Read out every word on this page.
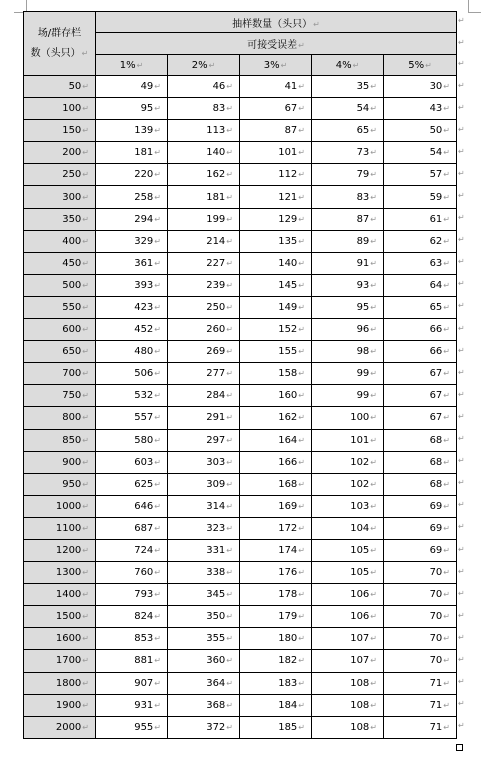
场/群存栏
数（头只）↵	抽样数量（头只）↵				
	可接受误差↵				
	1%↵	2%↵	3%↵	4%↵	5%↵
50↵	49↵	46↵	41↵	35↵	30↵
100↵	95↵	83↵	67↵	54↵	43↵
150↵	139↵	113↵	87↵	65↵	50↵
200↵	181↵	140↵	101↵	73↵	54↵
250↵	220↵	162↵	112↵	79↵	57↵
300↵	258↵	181↵	121↵	83↵	59↵
350↵	294↵	199↵	129↵	87↵	61↵
400↵	329↵	214↵	135↵	89↵	62↵
450↵	361↵	227↵	140↵	91↵	63↵
500↵	393↵	239↵	145↵	93↵	64↵
550↵	423↵	250↵	149↵	95↵	65↵
600↵	452↵	260↵	152↵	96↵	66↵
650↵	480↵	269↵	155↵	98↵	66↵
700↵	506↵	277↵	158↵	99↵	67↵
750↵	532↵	284↵	160↵	99↵	67↵
800↵	557↵	291↵	162↵	100↵	67↵
850↵	580↵	297↵	164↵	101↵	68↵
900↵	603↵	303↵	166↵	102↵	68↵
950↵	625↵	309↵	168↵	102↵	68↵
1000↵	646↵	314↵	169↵	103↵	69↵
1100↵	687↵	323↵	172↵	104↵	69↵
1200↵	724↵	331↵	174↵	105↵	69↵
1300↵	760↵	338↵	176↵	105↵	70↵
1400↵	793↵	345↵	178↵	106↵	70↵
1500↵	824↵	350↵	179↵	106↵	70↵
1600↵	853↵	355↵	180↵	107↵	70↵
1700↵	881↵	360↵	182↵	107↵	70↵
1800↵	907↵	364↵	183↵	108↵	71↵
1900↵	931↵	368↵	184↵	108↵	71↵
2000↵	955↵	372↵	185↵	108↵	71↵
↵
↵
↵
↵
↵
↵
↵
↵
↵
↵
↵
↵
↵
↵
↵
↵
↵
↵
↵
↵
↵
↵
↵
↵
↵
↵
↵
↵
↵
↵
↵
↵
↵
